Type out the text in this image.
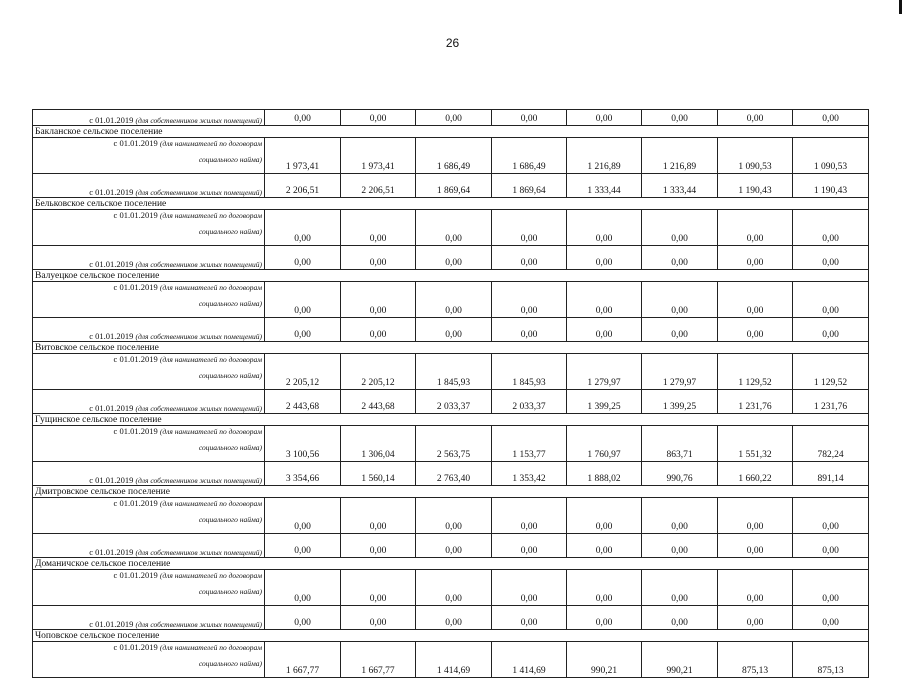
26
с 01.01.2019 (для собственников жилых помещений)	0,00	0,00	0,00	0,00	0,00	0,00	0,00	0,00
Бакланское сельское поселение								

с 01.01.2019 (для нанимателей по договорам
социального найма)	1 973,41	1 973,41	1 686,49	1 686,49	1 216,89	1 216,89	1 090,53	1 090,53
с 01.01.2019 (для собственников жилых помещений)	2 206,51	2 206,51	1 869,64	1 869,64	1 333,44	1 333,44	1 190,43	1 190,43
Бельковское сельское поселение								

с 01.01.2019 (для нанимателей по договорам
социального найма)	0,00	0,00	0,00	0,00	0,00	0,00	0,00	0,00
с 01.01.2019 (для собственников жилых помещений)	0,00	0,00	0,00	0,00	0,00	0,00	0,00	0,00
Валуецкое сельское поселение								

с 01.01.2019 (для нанимателей по договорам
социального найма)	0,00	0,00	0,00	0,00	0,00	0,00	0,00	0,00
с 01.01.2019 (для собственников жилых помещений)	0,00	0,00	0,00	0,00	0,00	0,00	0,00	0,00
Витовское сельское поселение								

с 01.01.2019 (для нанимателей по договорам
социального найма)	2 205,12	2 205,12	1 845,93	1 845,93	1 279,97	1 279,97	1 129,52	1 129,52
с 01.01.2019 (для собственников жилых помещений)	2 443,68	2 443,68	2 033,37	2 033,37	1 399,25	1 399,25	1 231,76	1 231,76
Гущинское сельское поселение								

с 01.01.2019 (для нанимателей по договорам
социального найма)	3 100,56	1 306,04	2 563,75	1 153,77	1 760,97	863,71	1 551,32	782,24
с 01.01.2019 (для собственников жилых помещений)	3 354,66	1 560,14	2 763,40	1 353,42	1 888,02	990,76	1 660,22	891,14
Дмитровское сельское поселение								

с 01.01.2019 (для нанимателей по договорам
социального найма)	0,00	0,00	0,00	0,00	0,00	0,00	0,00	0,00
с 01.01.2019 (для собственников жилых помещений)	0,00	0,00	0,00	0,00	0,00	0,00	0,00	0,00
Доманичское сельское поселение								

с 01.01.2019 (для нанимателей по договорам
социального найма)	0,00	0,00	0,00	0,00	0,00	0,00	0,00	0,00
с 01.01.2019 (для собственников жилых помещений)	0,00	0,00	0,00	0,00	0,00	0,00	0,00	0,00
Чоповское сельское поселение								

с 01.01.2019 (для нанимателей по договорам
социального найма)	1 667,77	1 667,77	1 414,69	1 414,69	990,21	990,21	875,13	875,13
